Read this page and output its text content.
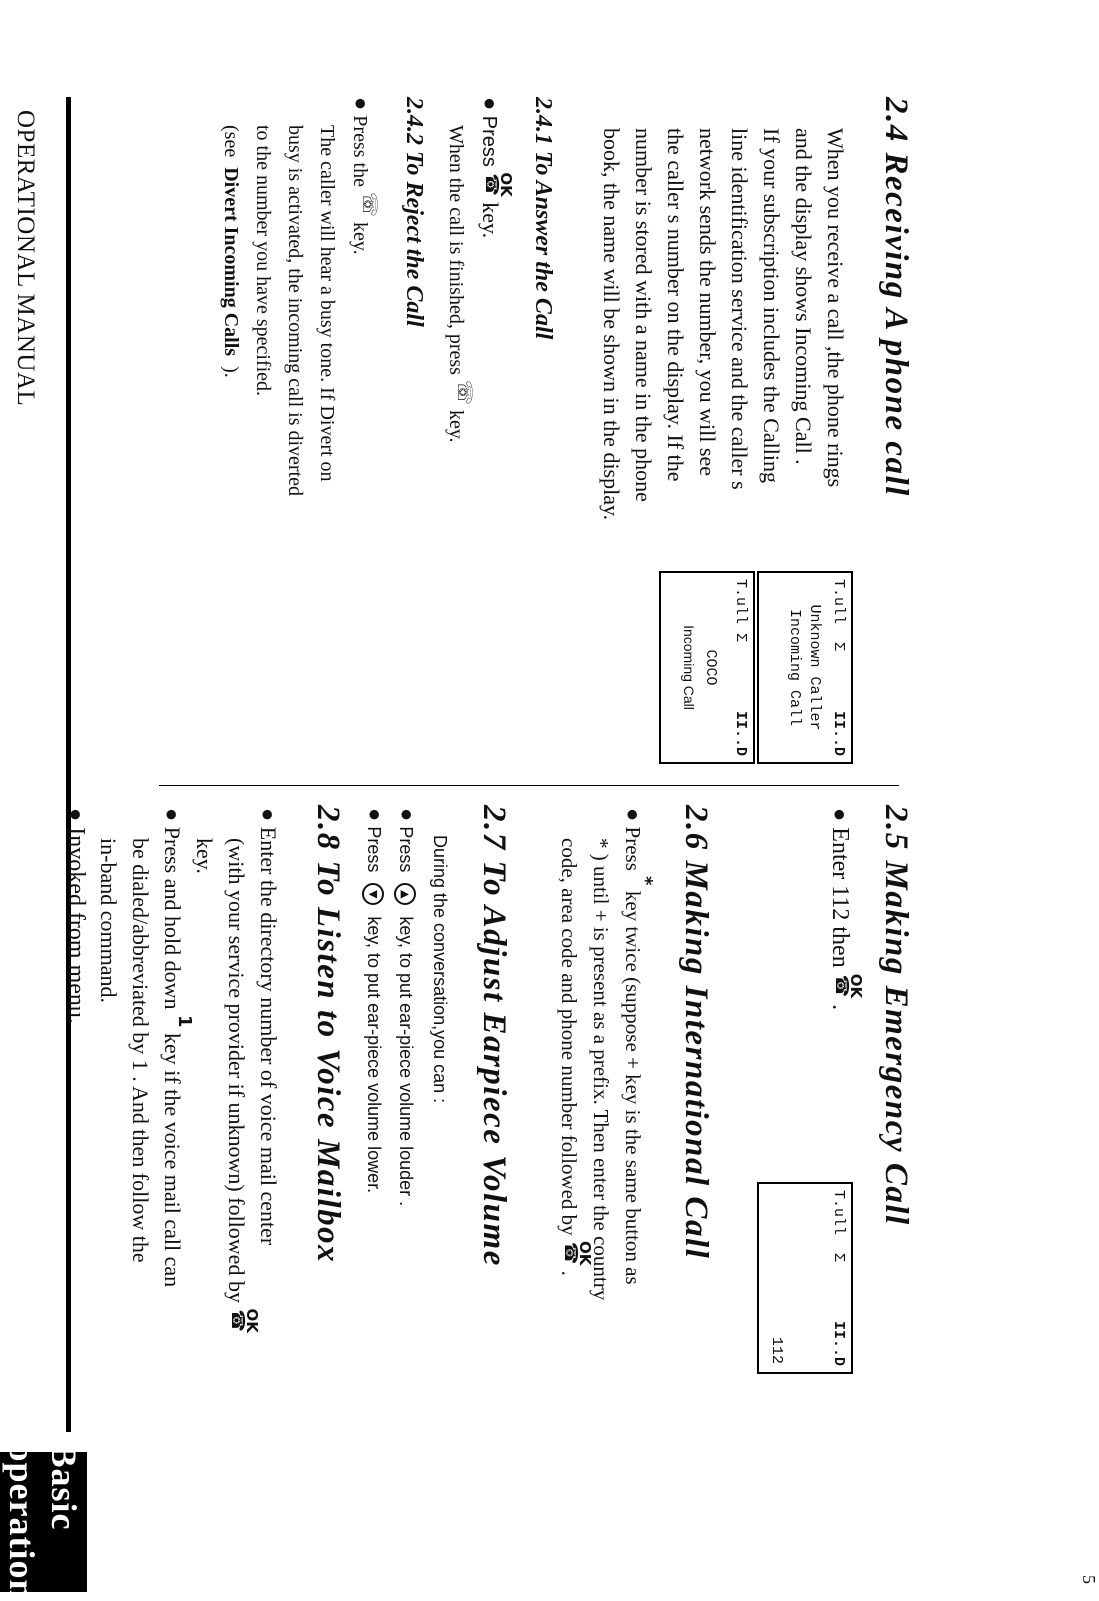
OPERATIONAL MANUAL
Basic operation	5
2.4 Receiving A phone call
When you receive a call ,the phone rings
and the display shows Incoming Call .
If your subscription includes the Calling
line identification service and the caller s
network sends the number, you will see
the caller s number on the display. If the
number is stored with a name in the phone
book, the name will be shown in the display.
T.ull  Σ
II..D
Unknown Caller
Incoming Call
T.ull Σ
II..D
COCO
Incoming Call
2.4.1 To Answer the Call
● Press OK
☎
key.
When the call is finished, press
☏
key.
2.4.2 To Reject the Call
● Press the
☏
key.
The caller will hear a busy tone. If Divert on
busy is activated, the incoming call is diverted
to the number you have specified.
(see  Divert Incoming Calls  ).
2.5 Making Emergency Call
● Enter 112 then OK
☎
.
T.ull  Σ
II..D
112
2.6 Making International Call
● Press * key twice (suppose + key is the same button as
* ) until + is present as a prefix. Then enter the country
code, area code and phone number followed by OK
☎
.
2.7 To Adjust Earpiece Volume
During the conversation,you can :
● Press ▲ key, to put ear-piece volume louder .
● Press ▼ key, to put ear-piece volume lower.
2.8 To Listen to Voice Mailbox
● Enter the directory number of voice mail center
(with your service provider if unknown) followed by OK
☎
key.
● Press and hold down 1 key if the voice mail call can
be dialed/abbreviated by 1 . And then follow the
in-band command.
● Invoked from menu.
